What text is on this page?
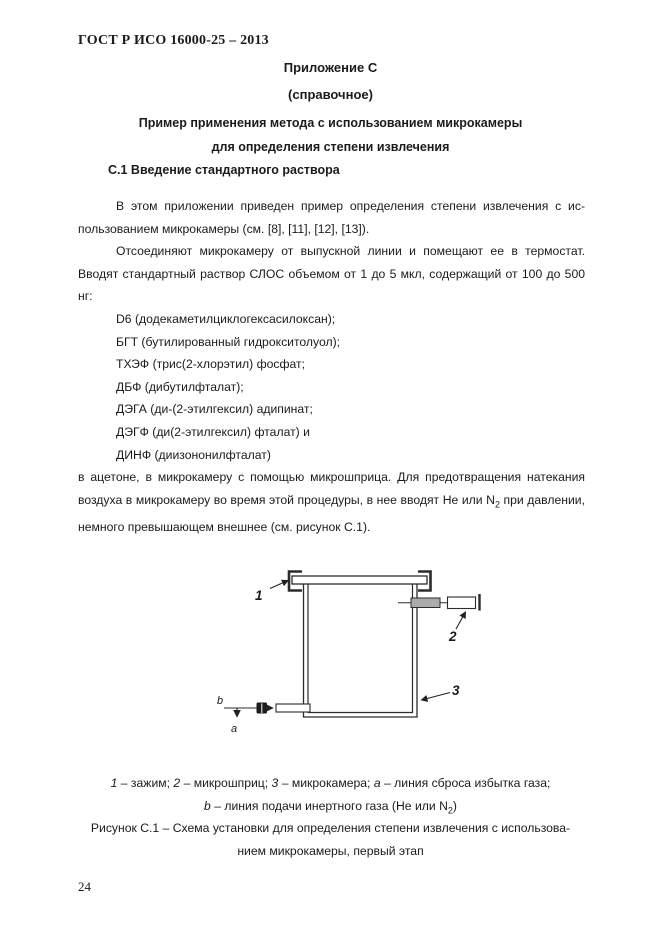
ГОСТ Р ИСО 16000-25 – 2013
Приложение С
(справочное)
Пример применения метода с использованием микрокамеры
для определения степени извлечения
С.1 Введение стандартного раствора
В этом приложении приведен пример определения степени извлечения с использованием микрокамеры (см. [8], [11], [12], [13]).
Отсоединяют микрокамеру от выпускной линии и помещают ее в термостат.
Вводят стандартный раствор СЛОС объемом от 1 до 5 мкл, содержащий от 100 до 500 нг:
D6 (додекаметилциклогексасилоксан);
БГТ (бутилированный гидрокситолуол);
ТХЭФ (трис(2-хлорэтил) фосфат;
ДБФ (дибутилфталат);
ДЭГА (ди-(2-этилгексил) адипинат;
ДЭГФ (ди(2-этилгексил) фталат) и
ДИНФ (диизононилфталат)
в ацетоне, в микрокамеру с помощью микрошприца. Для предотвращения натекания воздуха в микрокамеру во время этой процедуры, в нее вводят He или $N_2$ при давлении, немного превышающем внешнее (см. рисунок С.1).
1
2
3
b
a
1 – зажим; 2 – микрошприц; 3 – микрокамера; a – линия сброса избытка газа;
b – линия подачи инертного газа (He или $N_2$)
Рисунок С.1 – Схема установки для определения степени извлечения с использова-
нием микрокамеры, первый этап
24
